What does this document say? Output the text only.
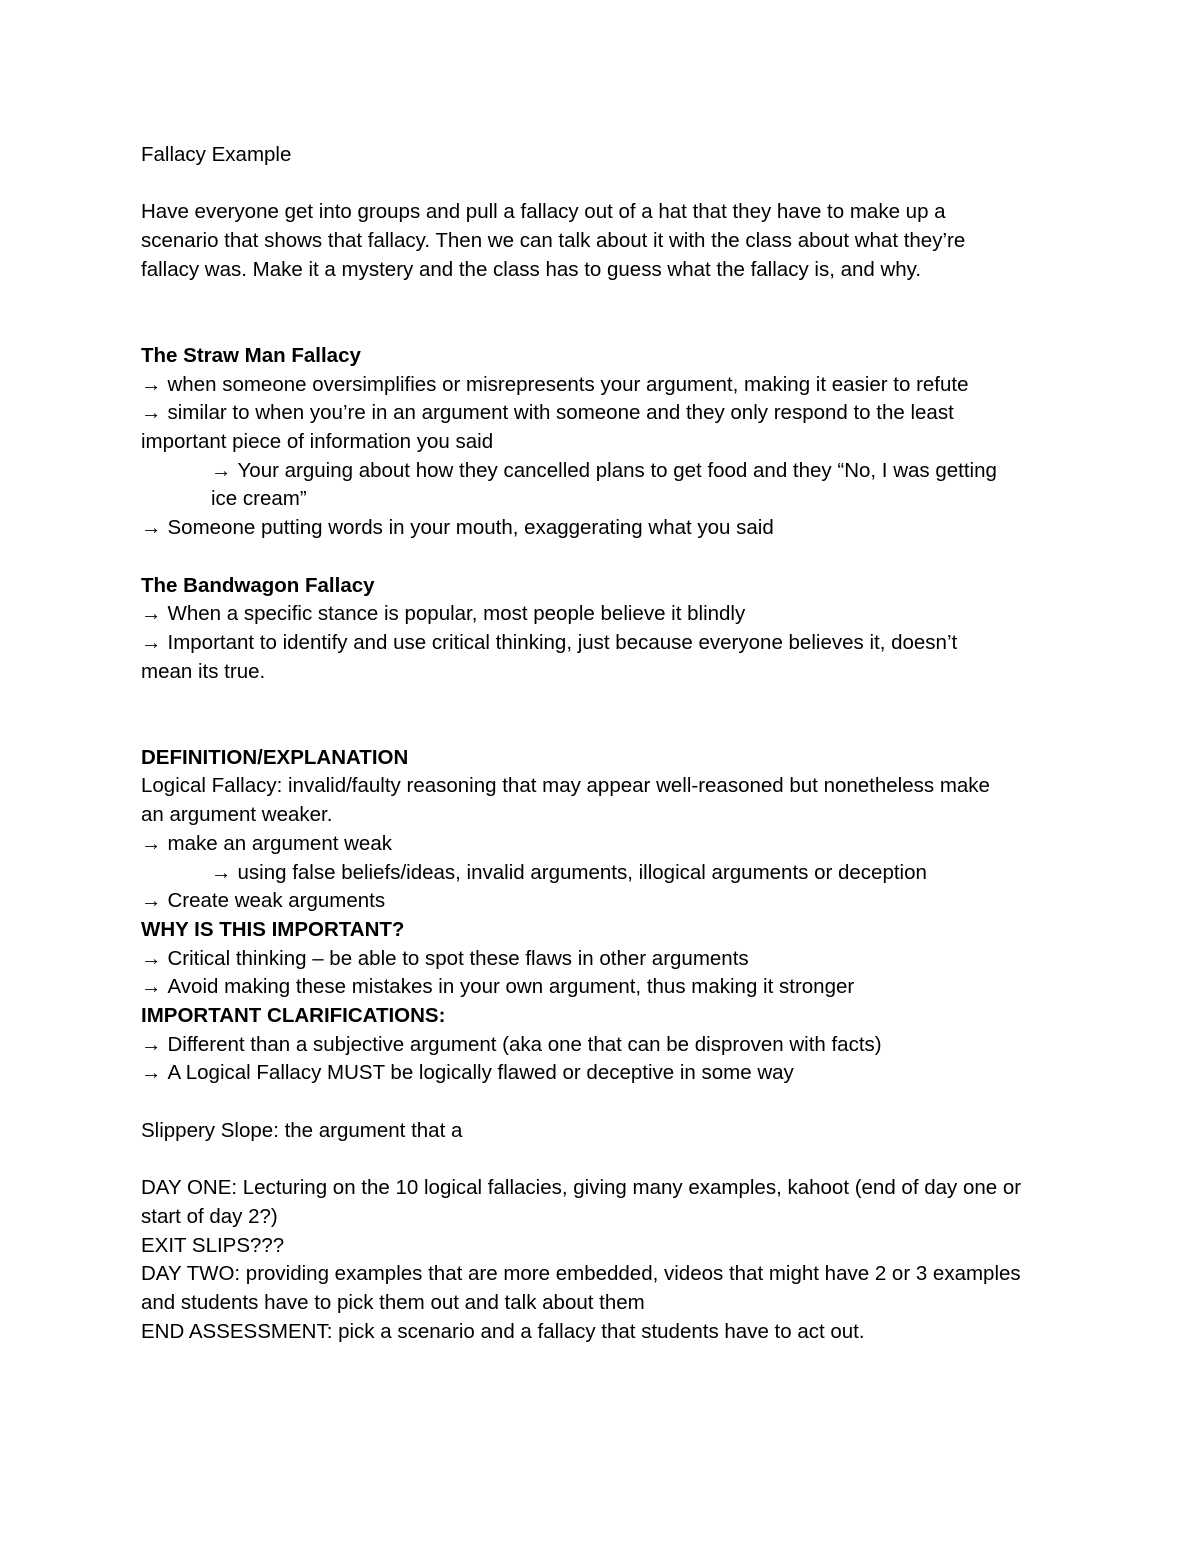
Fallacy Example
Have everyone get into groups and pull a fallacy out of a hat that they have to make up a
scenario that shows that fallacy. Then we can talk about it with the class about what they’re
fallacy was. Make it a mystery and the class has to guess what the fallacy is, and why.
The Straw Man Fallacy
→ when someone oversimplifies or misrepresents your argument, making it easier to refute
→ similar to when you’re in an argument with someone and they only respond to the least
important piece of information you said
→ Your arguing about how they cancelled plans to get food and they “No, I was getting
ice cream”
→ Someone putting words in your mouth, exaggerating what you said
The Bandwagon Fallacy
→ When a specific stance is popular, most people believe it blindly
→ Important to identify and use critical thinking, just because everyone believes it, doesn’t
mean its true.
DEFINITION/EXPLANATION
Logical Fallacy: invalid/faulty reasoning that may appear well-reasoned but nonetheless make
an argument weaker.
→ make an argument weak
→ using false beliefs/ideas, invalid arguments, illogical arguments or deception
→ Create weak arguments
WHY IS THIS IMPORTANT?
→ Critical thinking – be able to spot these flaws in other arguments
→ Avoid making these mistakes in your own argument, thus making it stronger
IMPORTANT CLARIFICATIONS:
→ Different than a subjective argument (aka one that can be disproven with facts)
→ A Logical Fallacy MUST be logically flawed or deceptive in some way
Slippery Slope: the argument that a
DAY ONE: Lecturing on the 10 logical fallacies, giving many examples, kahoot (end of day one or
start of day 2?)
EXIT SLIPS???
DAY TWO: providing examples that are more embedded, videos that might have 2 or 3 examples
and students have to pick them out and talk about them
END ASSESSMENT: pick a scenario and a fallacy that students have to act out.
